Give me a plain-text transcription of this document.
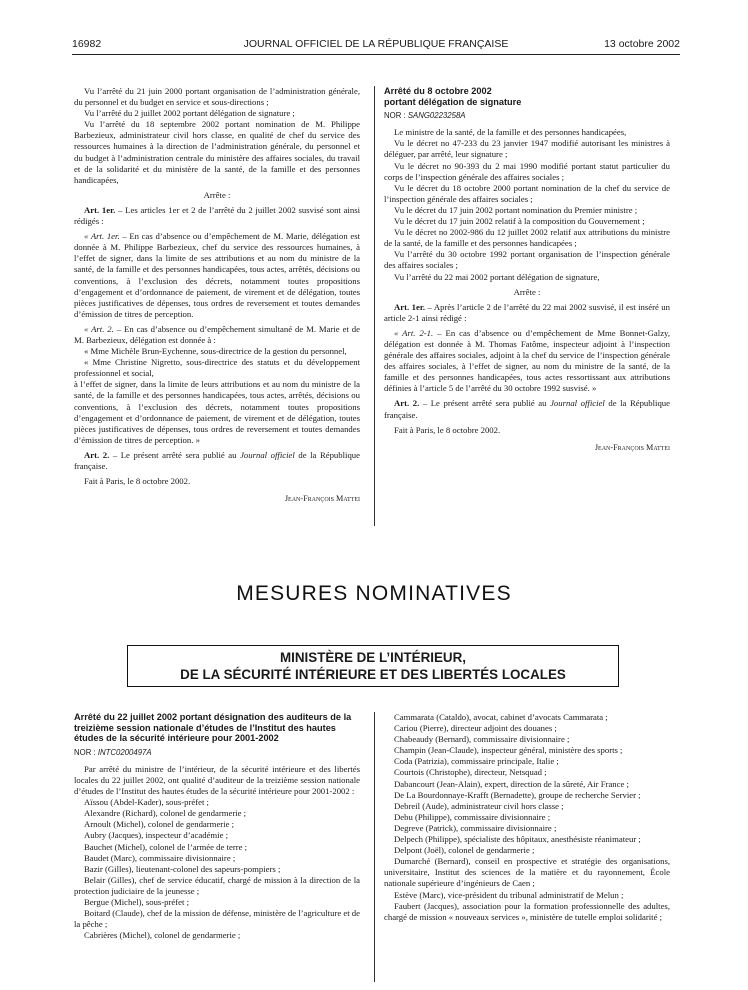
16982	JOURNAL OFFICIEL DE LA RÉPUBLIQUE FRANÇAISE	13 octobre 2002

Vu l’arrêté du 21 juin 2000 portant organisation de l’administration générale, du personnel et du budget en service et sous-directions ;

Vu l’arrêté du 2 juillet 2002 portant délégation de signature ;

Vu l’arrêté du 18 septembre 2002 portant nomination de M. Philippe Barbezieux, administrateur civil hors classe, en qualité de chef du service des ressources humaines à la direction de l’administration générale, du personnel et du budget à l’administration centrale du ministère des affaires sociales, du travail et de la solidarité et du ministère de la santé, de la famille et des personnes handicapées,

Arrête :

Art. 1er. – Les articles 1er et 2 de l’arrêté du 2 juillet 2002 susvisé sont ainsi rédigés :

« Art. 1er. – En cas d’absence ou d’empêchement de M. Marie, délégation est donnée à M. Philippe Barbezieux, chef du service des ressources humaines, à l’effet de signer, dans la limite de ses attributions et au nom du ministre de la santé, de la famille et des personnes handicapées, tous actes, arrêtés, décisions ou conventions, à l’exclusion des décrets, notamment toutes propositions d’engagement et d’ordonnance de paiement, de virement et de délégation, toutes pièces justificatives de dépenses, tous ordres de reversement et toutes demandes d’émission de titres de perception.

« Art. 2. – En cas d’absence ou d’empêchement simultané de M. Marie et de M. Barbezieux, délégation est donnée à :

« Mme Michèle Brun-Eychenne, sous-directrice de la gestion du personnel,

« Mme Christine Nigretto, sous-directrice des statuts et du développement professionnel et social,

à l’effet de signer, dans la limite de leurs attributions et au nom du ministre de la santé, de la famille et des personnes handicapées, tous actes, arrêtés, décisions ou conventions, à l’exclusion des décrets, notamment toutes propositions d’engagement et d’ordonnance de paiement, de virement et de délégation, toutes pièces justificatives de dépenses, tous ordres de reversement et toutes demandes d’émission de titres de perception. »

Art. 2. – Le présent arrêté sera publié au Journal officiel de la République française.

Fait à Paris, le 8 octobre 2002.

Jean-François Mattei

Arrêté du 8 octobre 2002
portant délégation de signature

NOR : SANG0223258A

Le ministre de la santé, de la famille et des personnes handicapées,

Vu le décret no 47-233 du 23 janvier 1947 modifié autorisant les ministres à déléguer, par arrêté, leur signature ;

Vu le décret no 90-393 du 2 mai 1990 modifié portant statut particulier du corps de l’inspection générale des affaires sociales ;

Vu le décret du 18 octobre 2000 portant nomination de la chef du service de l’inspection générale des affaires sociales ;

Vu le décret du 17 juin 2002 portant nomination du Premier ministre ;

Vu le décret du 17 juin 2002 relatif à la composition du Gouvernement ;

Vu le décret no 2002-986 du 12 juillet 2002 relatif aux attributions du ministre de la santé, de la famille et des personnes handicapées ;

Vu l’arrêté du 30 octobre 1992 portant organisation de l’inspection générale des affaires sociales ;

Vu l’arrêté du 22 mai 2002 portant délégation de signature,

Arrête :

Art. 1er. – Après l’article 2 de l’arrêté du 22 mai 2002 susvisé, il est inséré un article 2-1 ainsi rédigé :

« Art. 2-1. – En cas d’absence ou d’empêchement de Mme Bonnet-Galzy, délégation est donnée à M. Thomas Fatôme, inspecteur adjoint à l’inspection générale des affaires sociales, adjoint à la chef du service de l’inspection générale des affaires sociales, à l’effet de signer, au nom du ministre de la santé, de la famille et des personnes handicapées, tous actes ressortissant aux attributions définies à l’article 5 de l’arrêté du 30 octobre 1992 susvisé. »

Art. 2. – Le présent arrêté sera publié au Journal officiel de la République française.

Fait à Paris, le 8 octobre 2002.

Jean-François Mattei

MESURES NOMINATIVES
MINISTÈRE DE L’INTÉRIEUR,
DE LA SÉCURITÉ INTÉRIEURE ET DES LIBERTÉS LOCALES

Arrêté du 22 juillet 2002 portant désignation des auditeurs de la treizième session nationale d’études de l’Institut des hautes études de la sécurité intérieure pour 2001-2002

NOR : INTC0200497A

Par arrêté du ministre de l’intérieur, de la sécurité intérieure et des libertés locales du 22 juillet 2002, ont qualité d’auditeur de la treizième session nationale d’études de l’Institut des hautes études de la sécurité intérieure pour 2001-2002 :

Aïssou (Abdel-Kader), sous-préfet ;

Alexandre (Richard), colonel de gendarmerie ;

Arnoult (Michel), colonel de gendarmerie ;

Aubry (Jacques), inspecteur d’académie ;

Bauchet (Michel), colonel de l’armée de terre ;

Baudet (Marc), commissaire divisionnaire ;

Bazir (Gilles), lieutenant-colonel des sapeurs-pompiers ;

Belair (Gilles), chef de service éducatif, chargé de mission à la direction de la protection judiciaire de la jeunesse ;

Bergue (Michel), sous-préfet ;

Boitard (Claude), chef de la mission de défense, ministère de l’agriculture et de la pêche ;

Cabrières (Michel), colonel de gendarmerie ;

Cammarata (Cataldo), avocat, cabinet d’avocats Cammarata ;

Cariou (Pierre), directeur adjoint des douanes ;

Chabeaudy (Bernard), commissaire divisionnaire ;

Champin (Jean-Claude), inspecteur général, ministère des sports ;

Coda (Patrizia), commissaire principale, Italie ;

Courtois (Christophe), directeur, Netsquad ;

Dabancourt (Jean-Alain), expert, direction de la sûreté, Air France ;

De La Bourdonnaye-Krafft (Bernadette), groupe de recherche Servier ;

Debreil (Aude), administrateur civil hors classe ;

Debu (Philippe), commissaire divisionnaire ;

Degreve (Patrick), commissaire divisionnaire ;

Delpech (Philippe), spécialiste des hôpitaux, anesthésiste réanimateur ;

Delpont (Joël), colonel de gendarmerie ;

Dumarché (Bernard), conseil en prospective et stratégie des organisations, universitaire, Institut des sciences de la matière et du rayonnement, École nationale supérieure d’ingénieurs de Caen ;

Estève (Marc), vice-président du tribunal administratif de Melun ;

Faubert (Jacques), association pour la formation professionnelle des adultes, chargé de mission « nouveaux services », ministère de tutelle emploi solidarité ;
